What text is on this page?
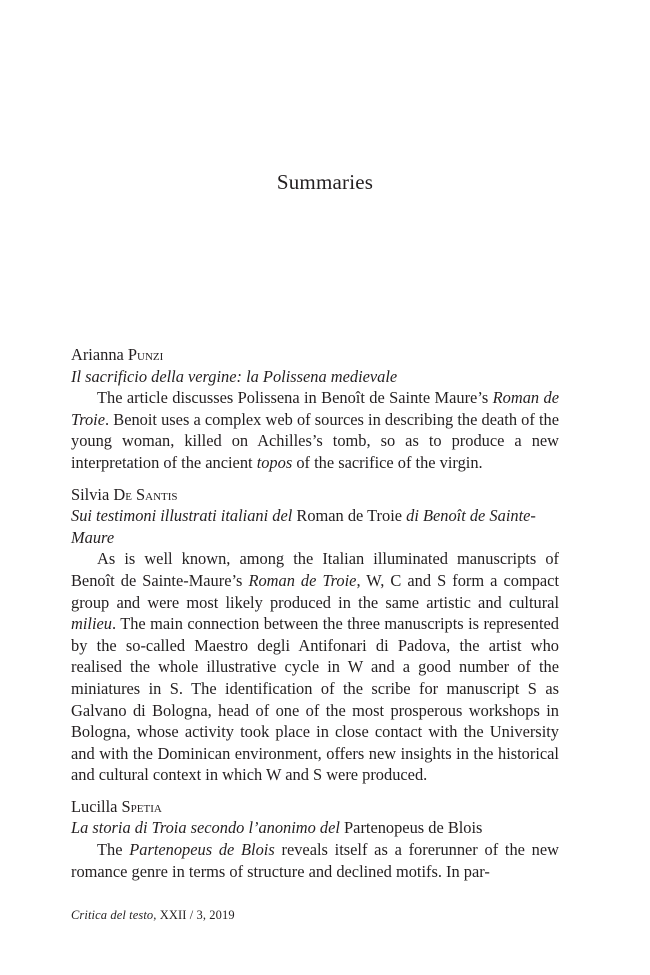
Summaries

Arianna Punzi

Il sacrificio della vergine: la Polissena medievale

The article discusses Polissena in Benoît de Sainte Maure’s Roman de Troie. Benoit uses a complex web of sources in describing the death of the young woman, killed on Achilles’s tomb, so as to produce a new interpretation of the ancient topos of the sacrifice of the virgin.

Silvia De Santis

Sui testimoni illustrati italiani del Roman de Troie di Benoît de Sainte-Maure

As is well known, among the Italian illuminated manuscripts of Benoît de Sainte-Maure’s Roman de Troie, W, C and S form a compact group and were most likely produced in the same artistic and cultural milieu. The main connection between the three manuscripts is represented by the so-called Maestro degli Antifonari di Padova, the artist who realised the whole illustrative cycle in W and a good number of the miniatures in S. The identification of the scribe for manuscript S as Galvano di Bologna, head of one of the most prosperous workshops in Bologna, whose activity took place in close contact with the University and with the Dominican environment, offers new insights in the historical and cultural context in which W and S were produced.

Lucilla Spetia

La storia di Troia secondo l’anonimo del Partenopeus de Blois

The Partenopeus de Blois reveals itself as a forerunner of the new romance genre in terms of structure and declined motifs. In par-

Critica del testo, XXII / 3, 2019
